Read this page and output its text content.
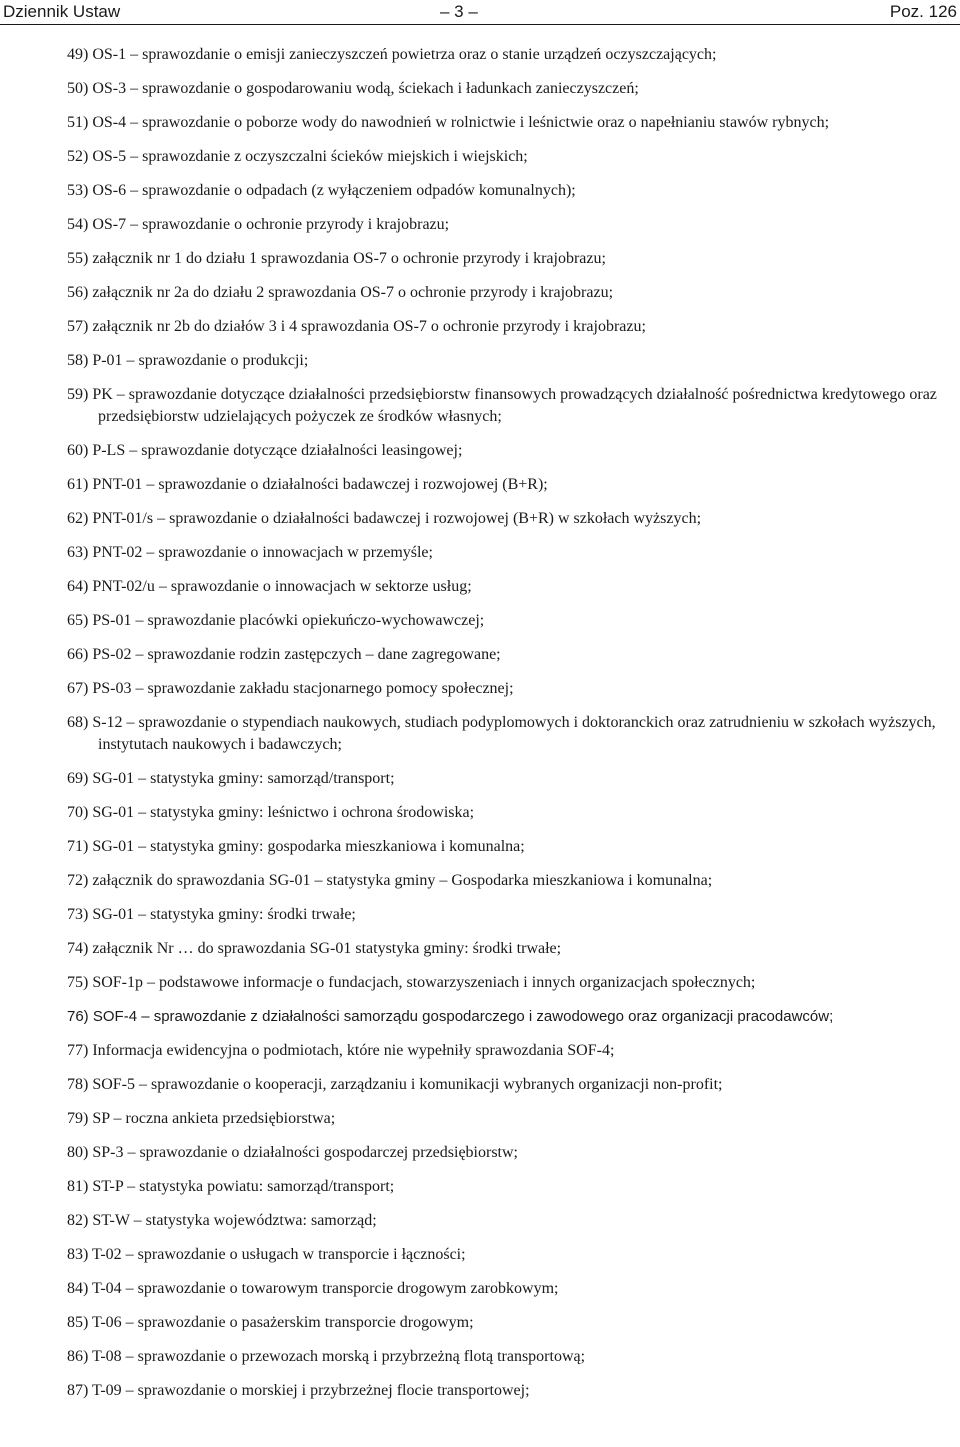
Dziennik Ustaw	– 3 –	Poz. 126
49) OS-1 – sprawozdanie o emisji zanieczyszczeń powietrza oraz o stanie urządzeń oczyszczających;
50) OS-3 – sprawozdanie o gospodarowaniu wodą, ściekach i ładunkach zanieczyszczeń;
51) OS-4 – sprawozdanie o poborze wody do nawodnień w rolnictwie i leśnictwie oraz o napełnianiu stawów rybnych;
52) OS-5 – sprawozdanie z oczyszczalni ścieków miejskich i wiejskich;
53) OS-6 – sprawozdanie o odpadach (z wyłączeniem odpadów komunalnych);
54) OS-7 – sprawozdanie o ochronie przyrody i krajobrazu;
55) załącznik nr 1 do działu 1 sprawozdania OS-7 o ochronie przyrody i krajobrazu;
56) załącznik nr 2a do działu 2 sprawozdania OS-7 o ochronie przyrody i krajobrazu;
57) załącznik nr 2b do działów 3 i 4 sprawozdania OS-7 o ochronie przyrody i krajobrazu;
58) P-01 – sprawozdanie o produkcji;
59) PK – sprawozdanie dotyczące działalności przedsiębiorstw finansowych prowadzących działalność pośrednictwa kredytowego oraz przedsiębiorstw udzielających pożyczek ze środków własnych;
60) P-LS – sprawozdanie dotyczące działalności leasingowej;
61) PNT-01 – sprawozdanie o działalności badawczej i rozwojowej (B+R);
62) PNT-01/s – sprawozdanie o działalności badawczej i rozwojowej (B+R) w szkołach wyższych;
63) PNT-02 – sprawozdanie o innowacjach w przemyśle;
64) PNT-02/u – sprawozdanie o innowacjach w sektorze usług;
65) PS-01 – sprawozdanie placówki opiekuńczo-wychowawczej;
66) PS-02 – sprawozdanie rodzin zastępczych – dane zagregowane;
67) PS-03 – sprawozdanie zakładu stacjonarnego pomocy społecznej;
68) S-12 – sprawozdanie o stypendiach naukowych, studiach podyplomowych i doktoranckich oraz zatrudnieniu w szkołach wyższych, instytutach naukowych i badawczych;
69) SG-01 – statystyka gminy: samorząd/transport;
70) SG-01 – statystyka gminy: leśnictwo i ochrona środowiska;
71) SG-01 – statystyka gminy: gospodarka mieszkaniowa i komunalna;
72) załącznik do sprawozdania SG-01 – statystyka gminy – Gospodarka mieszkaniowa i komunalna;
73) SG-01 – statystyka gminy: środki trwałe;
74) załącznik Nr … do sprawozdania SG-01 statystyka gminy: środki trwałe;
75) SOF-1p – podstawowe informacje o fundacjach, stowarzyszeniach i innych organizacjach społecznych;
76) SOF-4 – sprawozdanie z działalności samorządu gospodarczego i zawodowego oraz organizacji pracodawców;
77) Informacja ewidencyjna o podmiotach, które nie wypełniły sprawozdania SOF-4;
78) SOF-5 – sprawozdanie o kooperacji, zarządzaniu i komunikacji wybranych organizacji non-profit;
79) SP – roczna ankieta przedsiębiorstwa;
80) SP-3 – sprawozdanie o działalności gospodarczej przedsiębiorstw;
81) ST-P – statystyka powiatu: samorząd/transport;
82) ST-W – statystyka województwa: samorząd;
83) T-02 – sprawozdanie o usługach w transporcie i łączności;
84) T-04 – sprawozdanie o towarowym transporcie drogowym zarobkowym;
85) T-06 – sprawozdanie o pasażerskim transporcie drogowym;
86) T-08 – sprawozdanie o przewozach morską i przybrzeżną flotą transportową;
87) T-09 – sprawozdanie o morskiej i przybrzeżnej flocie transportowej;
